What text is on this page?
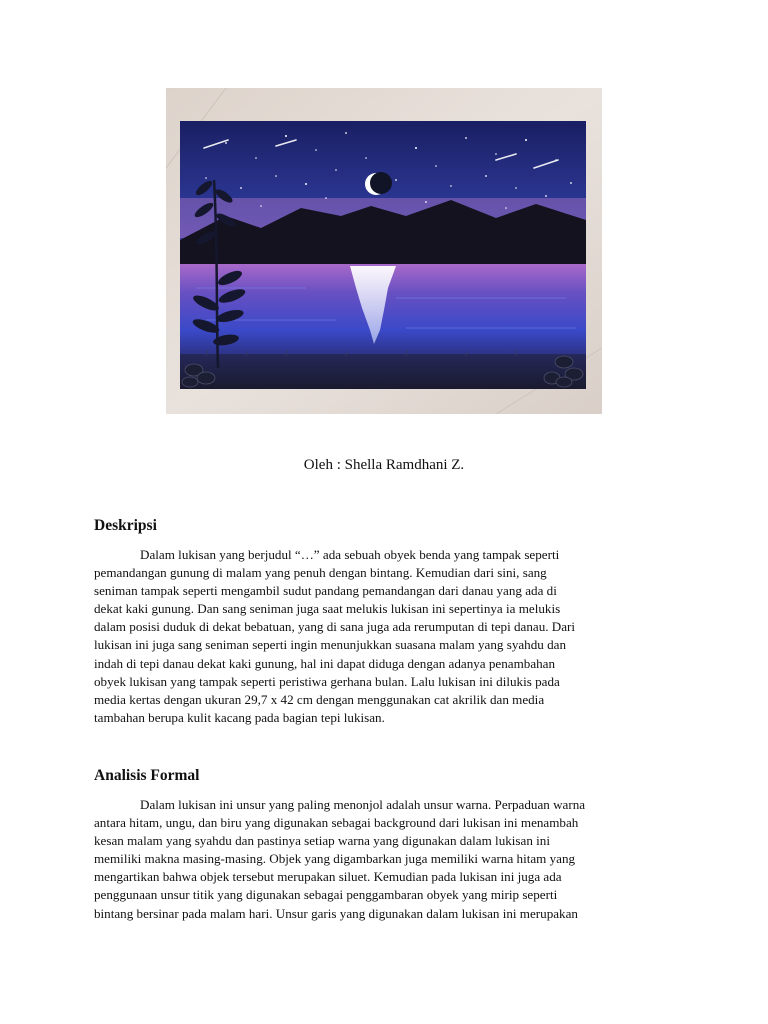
Oleh : Shella Ramdhani Z.
Deskripsi
Dalam lukisan yang berjudul “…” ada sebuah obyek benda yang tampak seperti
pemandangan gunung di malam yang penuh dengan bintang. Kemudian dari sini, sang
seniman tampak seperti mengambil sudut pandang pemandangan dari danau yang ada di
dekat kaki gunung. Dan sang seniman juga saat melukis lukisan ini sepertinya ia melukis
dalam posisi duduk di dekat bebatuan, yang di sana juga ada rerumputan di tepi danau. Dari
lukisan ini juga sang seniman seperti ingin menunjukkan suasana malam yang syahdu dan
indah di tepi danau dekat kaki gunung, hal ini dapat diduga dengan adanya penambahan
obyek lukisan yang tampak seperti peristiwa gerhana bulan. Lalu lukisan ini dilukis pada
media kertas dengan ukuran 29,7 x 42 cm dengan menggunakan cat akrilik dan media
tambahan berupa kulit kacang pada bagian tepi lukisan.
Analisis Formal
Dalam lukisan ini unsur yang paling menonjol adalah unsur warna. Perpaduan warna
antara hitam, ungu, dan biru yang digunakan sebagai background dari lukisan ini menambah
kesan malam yang syahdu dan pastinya setiap warna yang digunakan dalam lukisan ini
memiliki makna masing-masing. Objek yang digambarkan juga memiliki warna hitam yang
mengartikan bahwa objek tersebut merupakan siluet. Kemudian pada lukisan ini juga ada
penggunaan unsur titik yang digunakan sebagai penggambaran obyek yang mirip seperti
bintang bersinar pada malam hari. Unsur garis yang digunakan dalam lukisan ini merupakan
